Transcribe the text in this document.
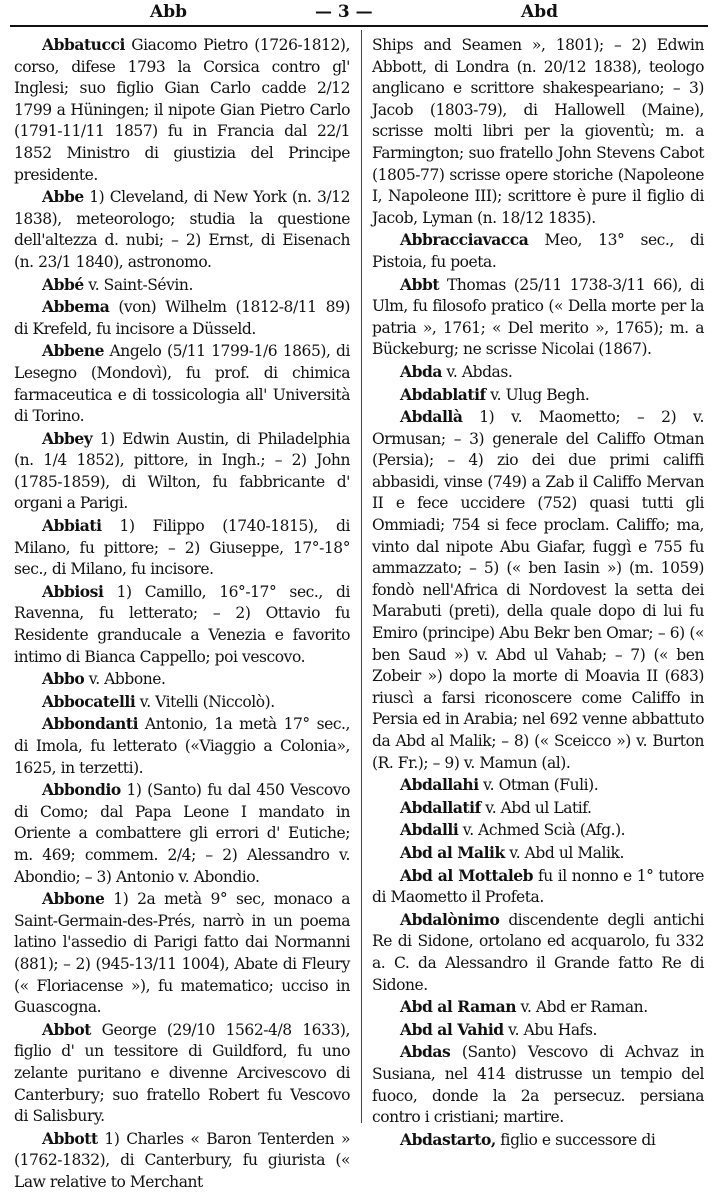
Abb	— 3 —	Abd

Abbatucci Giacomo Pietro (1726-1812), corso, difese 1793 la Corsica contro gl' Inglesi; suo figlio Gian Carlo cadde 2/12 1799 a Hüningen; il nipote Gian Pietro Carlo (1791-11/11 1857) fu in Francia dal 22/1 1852 Ministro di giustizia del Principe presidente.

Abbe 1) Cleveland, di New York (n. 3/12 1838), meteorologo; studia la questione dell'altezza d. nubi; – 2) Ernst, di Eisenach (n. 23/1 1840), astronomo.

Abbé v. Saint-Sévin.

Abbema (von) Wilhelm (1812-8/11 89) di Krefeld, fu incisore a Düsseld.

Abbene Angelo (5/11 1799-1/6 1865), di Lesegno (Mondovì), fu prof. di chimica farmaceutica e di tossicologia all' Università di Torino.

Abbey 1) Edwin Austin, di Philadelphia (n. 1/4 1852), pittore, in Ingh.; – 2) John (1785-1859), di Wilton, fu fabbricante d' organi a Parigi.

Abbiati 1) Filippo (1740-1815), di Milano, fu pittore; – 2) Giuseppe, 17°-18° sec., di Milano, fu incisore.

Abbiosi 1) Camillo, 16°-17° sec., di Ravenna, fu letterato; – 2) Ottavio fu Residente granducale a Venezia e favorito intimo di Bianca Cappello; poi vescovo.

Abbo v. Abbone.

Abbocatelli v. Vitelli (Niccolò).

Abbondanti Antonio, 1a metà 17° sec., di Imola, fu letterato («Viaggio a Colonia», 1625, in terzetti).

Abbondio 1) (Santo) fu dal 450 Vescovo di Como; dal Papa Leone I mandato in Oriente a combattere gli errori d' Eutiche; m. 469; commem. 2/4; – 2) Alessandro v. Abondio; – 3) Antonio v. Abondio.

Abbone 1) 2a metà 9° sec, monaco a Saint-Germain-des-Prés, narrò in un poema latino l'assedio di Parigi fatto dai Normanni (881); – 2) (945-13/11 1004), Abate di Fleury (« Floriacense »), fu matematico; ucciso in Guascogna.

Abbot George (29/10 1562-4/8 1633), figlio d' un tessitore di Guildford, fu uno zelante puritano e divenne Arcivescovo di Canterbury; suo fratello Robert fu Vescovo di Salisbury.

Abbott 1) Charles « Baron Tenterden » (1762-1832), di Canterbury, fu giurista (« Law relative to Merchant

Ships and Seamen », 1801); – 2) Edwin Abbott, di Londra (n. 20/12 1838), teologo anglicano e scrittore shakespeariano; – 3) Jacob (1803-79), di Hallowell (Maine), scrisse molti libri per la gioventù; m. a Farmington; suo fratello John Stevens Cabot (1805-77) scrisse opere storiche (Napoleone I, Napoleone III); scrittore è pure il figlio di Jacob, Lyman (n. 18/12 1835).

Abbracciavacca Meo, 13° sec., di Pistoia, fu poeta.

Abbt Thomas (25/11 1738-3/11 66), di Ulm, fu filosofo pratico (« Della morte per la patria », 1761; « Del merito », 1765); m. a Bückeburg; ne scrisse Nicolai (1867).

Abda v. Abdas.

Abdablatif v. Ulug Begh.

Abdallà 1) v. Maometto; – 2) v. Ormusan; – 3) generale del Califfo Otman (Persia); – 4) zio dei due primi califfi abbasidi, vinse (749) a Zab il Califfo Mervan II e fece uccidere (752) quasi tutti gli Ommiadi; 754 si fece proclam. Califfo; ma, vinto dal nipote Abu Giafar, fuggì e 755 fu ammazzato; – 5) (« ben Iasin ») (m. 1059) fondò nell'Africa di Nordovest la setta dei Marabuti (preti), della quale dopo di lui fu Emiro (principe) Abu Bekr ben Omar; – 6) (« ben Saud ») v. Abd ul Vahab; – 7) (« ben Zobeir ») dopo la morte di Moavia II (683) riuscì a farsi riconoscere come Califfo in Persia ed in Arabia; nel 692 venne abbattuto da Abd al Malik; – 8) (« Sceicco ») v. Burton (R. Fr.); – 9) v. Mamun (al).

Abdallahi v. Otman (Fuli).

Abdallatif v. Abd ul Latif.

Abdalli v. Achmed Scià (Afg.).

Abd al Malik v. Abd ul Malik.

Abd al Mottaleb fu il nonno e 1° tutore di Maometto il Profeta.

Abdalònimo discendente degli antichi Re di Sidone, ortolano ed acquarolo, fu 332 a. C. da Alessandro il Grande fatto Re di Sidone.

Abd al Raman v. Abd er Raman.

Abd al Vahid v. Abu Hafs.

Abdas (Santo) Vescovo di Achvaz in Susiana, nel 414 distrusse un tempio del fuoco, donde la 2a persecuz. persiana contro i cristiani; martire.

Abdastarto, figlio e successore di
